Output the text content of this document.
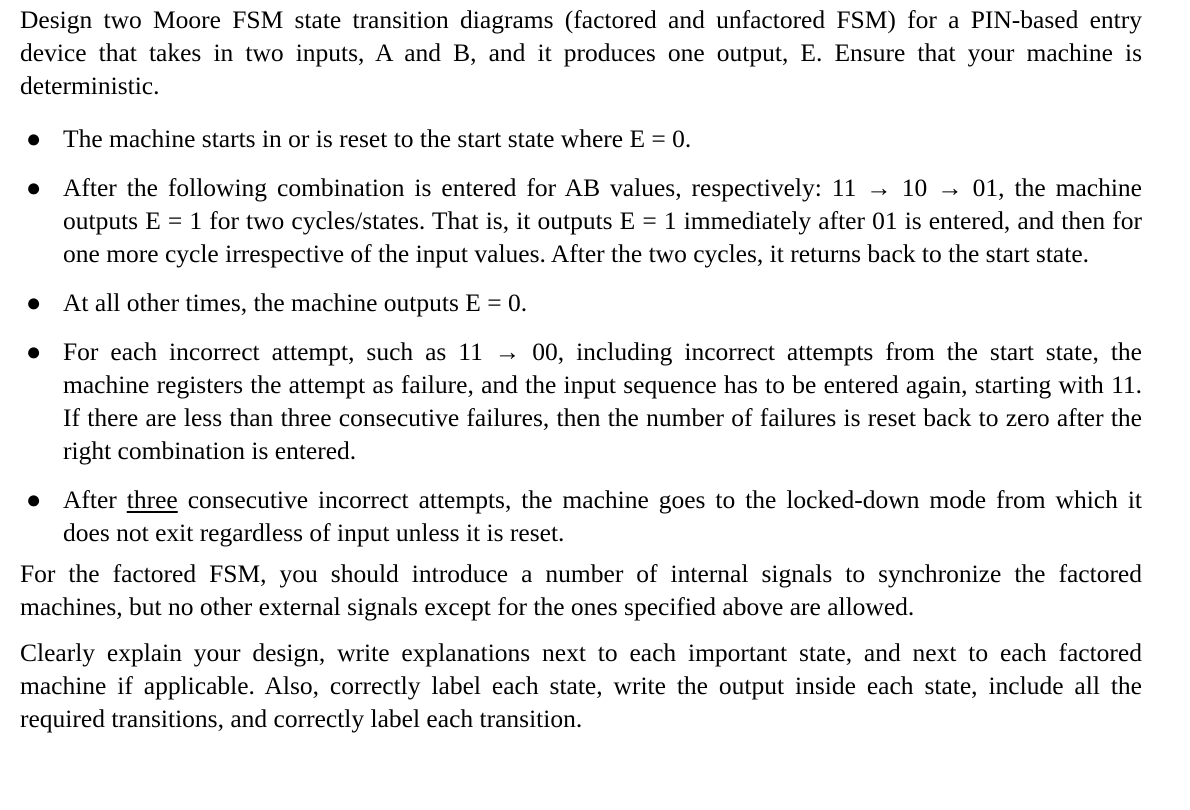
Design two Moore FSM state transition diagrams (factored and unfactored FSM) for a PIN-based entry device that takes in two inputs, A and B, and it produces one output, E. Ensure that your machine is deterministic.

● The machine starts in or is reset to the start state where E = 0.
● After the following combination is entered for AB values, respectively: 11 → 10 → 01, the machine outputs E = 1 for two cycles/states. That is, it outputs E = 1 immediately after 01 is entered, and then for one more cycle irrespective of the input values. After the two cycles, it returns back to the start state.
● At all other times, the machine outputs E = 0.
● For each incorrect attempt, such as 11 → 00, including incorrect attempts from the start state, the machine registers the attempt as failure, and the input sequence has to be entered again, starting with 11. If there are less than three consecutive failures, then the number of failures is reset back to zero after the right combination is entered.
● After three consecutive incorrect attempts, the machine goes to the locked-down mode from which it does not exit regardless of input unless it is reset.

For the factored FSM, you should introduce a number of internal signals to synchronize the factored machines, but no other external signals except for the ones specified above are allowed.

Clearly explain your design, write explanations next to each important state, and next to each factored machine if applicable. Also, correctly label each state, write the output inside each state, include all the required transitions, and correctly label each transition.
